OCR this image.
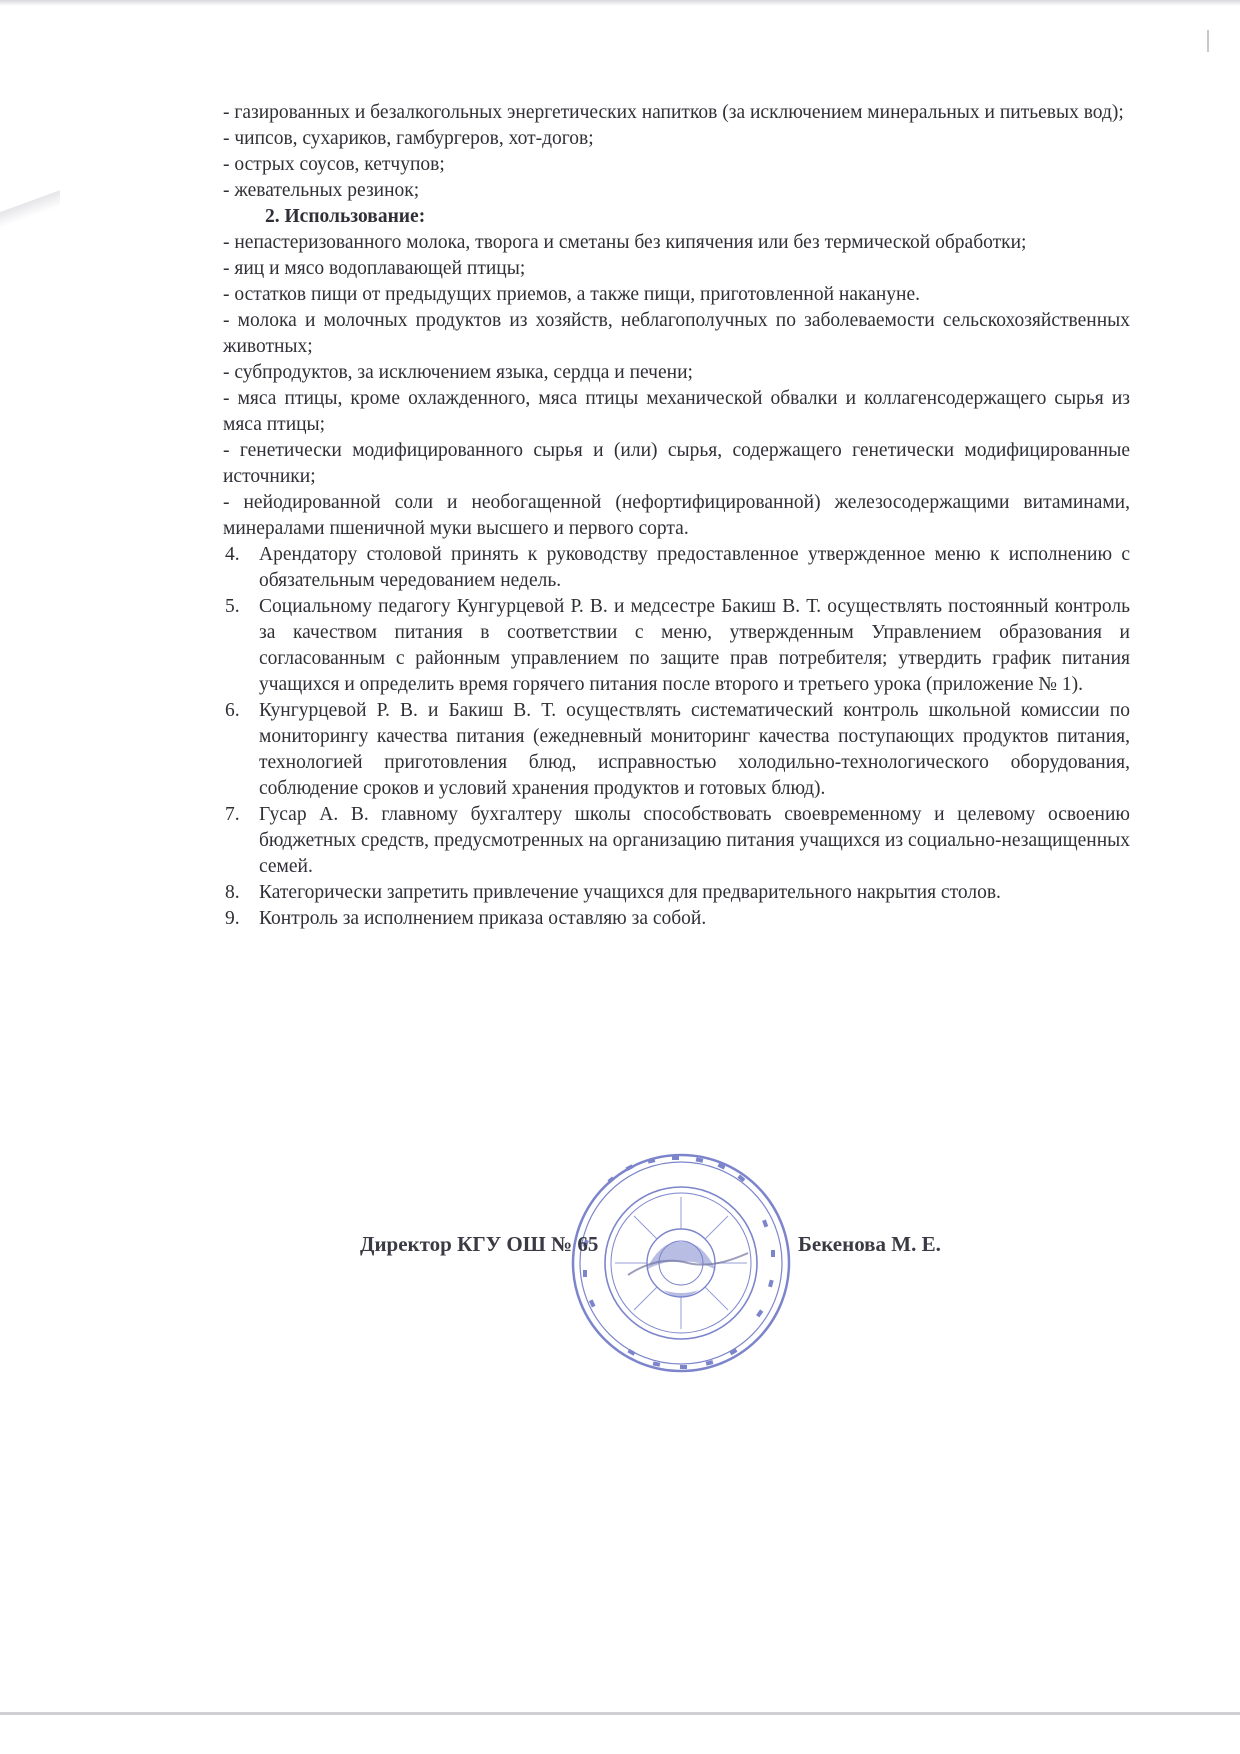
- газированных и безалкогольных энергетических напитков (за исключением минеральных и питьевых вод);

- чипсов, сухариков, гамбургеров, хот-догов;

- острых соусов, кетчупов;

- жевательных резинок;

2. Использование:

- непастеризованного молока, творога и сметаны без кипячения или без термической обработки;

- яиц и мясо водоплавающей птицы;

- остатков пищи от предыдущих приемов, а также пищи, приготовленной накануне.

- молока и молочных продуктов из хозяйств, неблагополучных по заболеваемости сельскохозяйственных животных;

- субпродуктов, за исключением языка, сердца и печени;

- мяса птицы, кроме охлажденного, мяса птицы механической обвалки и коллагенсодержащего сырья из мяса птицы;

- генетически модифицированного сырья и (или) сырья, содержащего генетически модифицированные источники;

- нейодированной соли и необогащенной (нефортифицированной) железосодержащими витаминами, минералами пшеничной муки высшего и первого сорта.

4. Арендатору столовой принять к руководству предоставленное утвержденное меню к исполнению с обязательным чередованием недель.
5. Социальному педагогу Кунгурцевой Р. В. и медсестре Бакиш В. Т. осуществлять постоянный контроль за качеством питания в соответствии с меню, утвержденным Управлением образования и согласованным с районным управлением по защите прав потребителя; утвердить график питания учащихся и определить время горячего питания после второго и третьего урока (приложение № 1).
6. Кунгурцевой Р. В. и Бакиш В. Т. осуществлять систематический контроль школьной комиссии по мониторингу качества питания (ежедневный мониторинг качества поступающих продуктов питания, технологией приготовления блюд, исправностью холодильно-технологического оборудования, соблюдение сроков и условий хранения продуктов и готовых блюд).
7. Гусар А. В. главному бухгалтеру школы способствовать своевременному и целевому освоению бюджетных средств, предусмотренных на организацию питания учащихся из социально-незащищенных семей.
8. Категорически запретить привлечение учащихся для предварительного накрытия столов.
9. Контроль за исполнением приказа оставляю за собой.
Директор КГУ ОШ № 65	Бекенова М. Е.
